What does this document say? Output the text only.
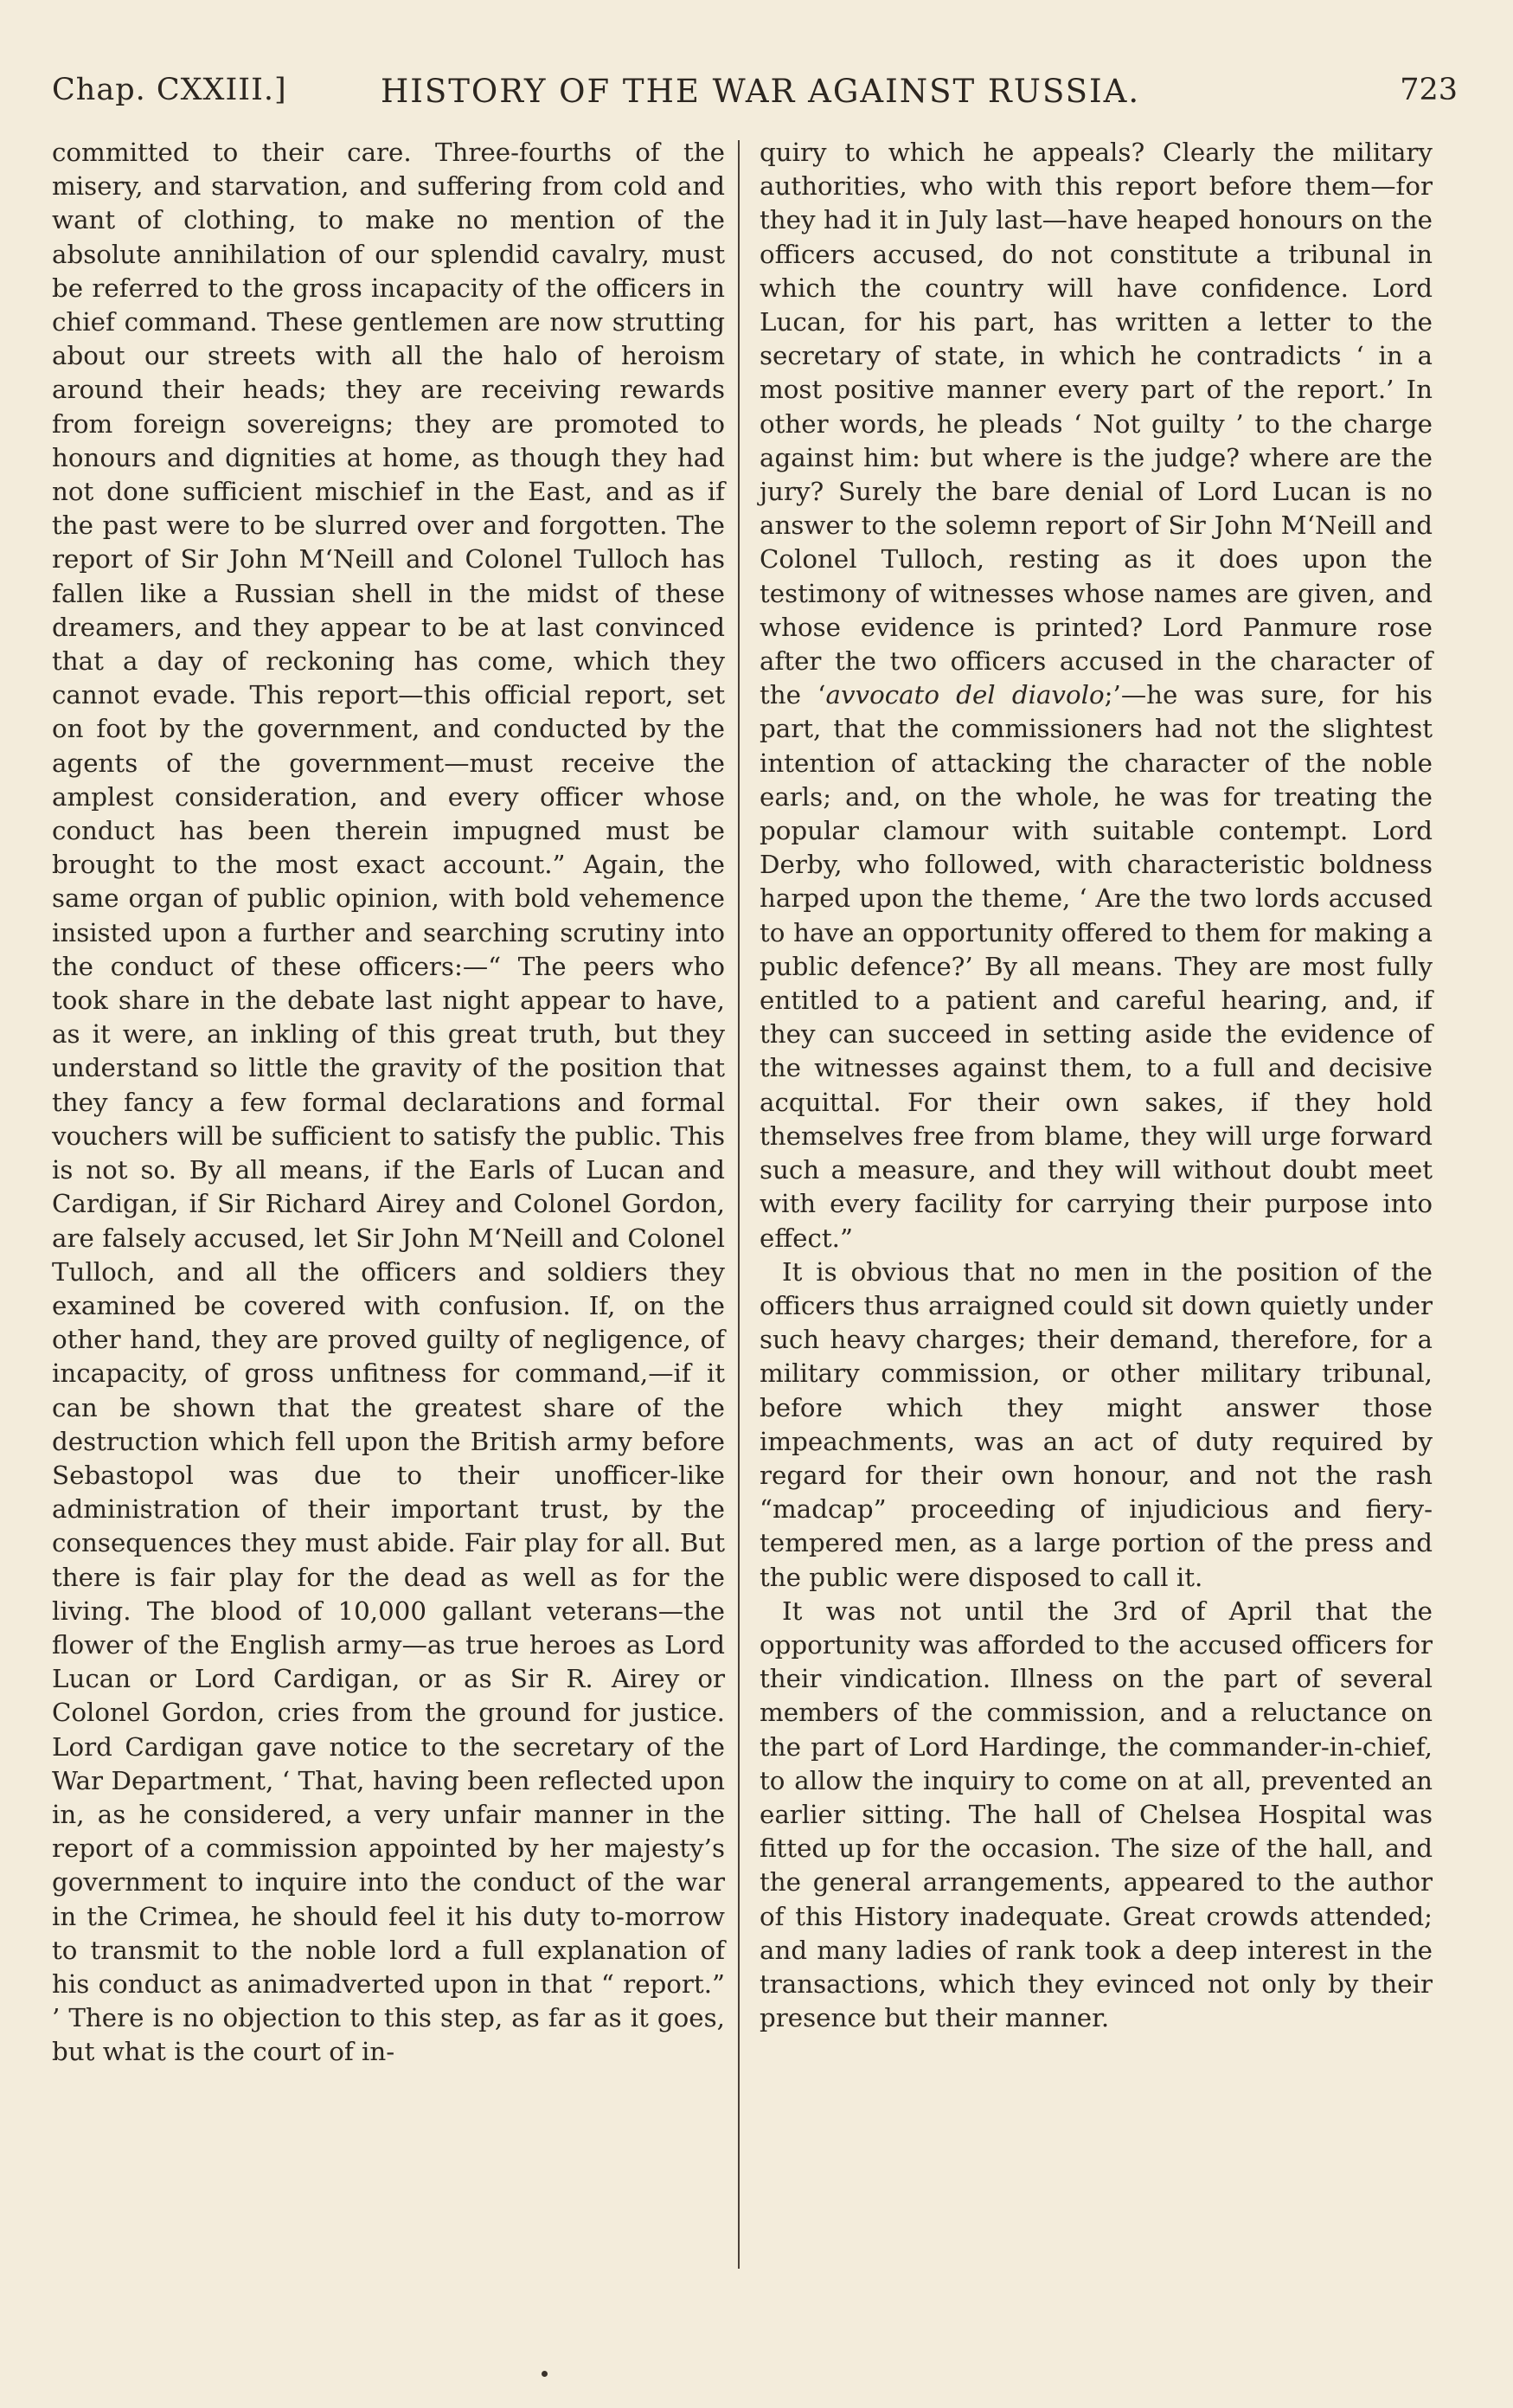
Chap. CXXIII.]	HISTORY OF THE WAR AGAINST RUSSIA.	723

committed to their care. Three-fourths of the misery, and starvation, and suffering from cold and want of clothing, to make no mention of the absolute annihilation of our splendid cavalry, must be referred to the gross incapacity of the officers in chief command. These gentlemen are now strutting about our streets with all the halo of heroism around their heads; they are receiving rewards from foreign sovereigns; they are promoted to honours and dignities at home, as though they had not done sufficient mischief in the East, and as if the past were to be slurred over and forgotten. The report of Sir John M‘Neill and Colonel Tulloch has fallen like a Russian shell in the midst of these dreamers, and they appear to be at last convinced that a day of reckoning has come, which they cannot evade. This report—this official report, set on foot by the government, and conducted by the agents of the government—must receive the amplest consideration, and every officer whose conduct has been therein impugned must be brought to the most exact account.” Again, the same organ of public opinion, with bold vehemence insisted upon a further and searching scrutiny into the conduct of these officers:—“ The peers who took share in the debate last night appear to have, as it were, an inkling of this great truth, but they understand so little the gravity of the position that they fancy a few formal declarations and formal vouchers will be sufficient to satisfy the public. This is not so. By all means, if the Earls of Lucan and Cardigan, if Sir Richard Airey and Colonel Gordon, are falsely accused, let Sir John M‘Neill and Colonel Tulloch, and all the officers and soldiers they examined be covered with confusion. If, on the other hand, they are proved guilty of negligence, of incapacity, of gross unfitness for command,—if it can be shown that the greatest share of the destruction which fell upon the British army before Sebastopol was due to their unofficer-like administration of their important trust, by the consequences they must abide. Fair play for all. But there is fair play for the dead as well as for the living. The blood of 10,000 gallant veterans—the flower of the English army—as true heroes as Lord Lucan or Lord Cardigan, or as Sir R. Airey or Colonel Gordon, cries from the ground for justice. Lord Cardigan gave notice to the secretary of the War Department, ‘ That, having been reflected upon in, as he considered, a very unfair manner in the report of a commission appointed by her majesty’s government to inquire into the conduct of the war in the Crimea, he should feel it his duty to-morrow to transmit to the noble lord a full explanation of his conduct as animadverted upon in that “ report.” ’ There is no objection to this step, as far as it goes, but what is the court of in-

quiry to which he appeals? Clearly the military authorities, who with this report before them—for they had it in July last—have heaped honours on the officers accused, do not constitute a tribunal in which the country will have confidence. Lord Lucan, for his part, has written a letter to the secretary of state, in which he contradicts ‘ in a most positive manner every part of the report.’ In other words, he pleads ‘ Not guilty ’ to the charge against him: but where is the judge? where are the jury? Surely the bare denial of Lord Lucan is no answer to the solemn report of Sir John M‘Neill and Colonel Tulloch, resting as it does upon the testimony of witnesses whose names are given, and whose evidence is printed? Lord Panmure rose after the two officers accused in the character of the ‘avvocato del diavolo;’—he was sure, for his part, that the commissioners had not the slightest intention of attacking the character of the noble earls; and, on the whole, he was for treating the popular clamour with suitable contempt. Lord Derby, who followed, with characteristic boldness harped upon the theme, ‘ Are the two lords accused to have an opportunity offered to them for making a public defence?’ By all means. They are most fully entitled to a patient and careful hearing, and, if they can succeed in setting aside the evidence of the witnesses against them, to a full and decisive acquittal. For their own sakes, if they hold themselves free from blame, they will urge forward such a measure, and they will without doubt meet with every facility for carrying their purpose into effect.”

It is obvious that no men in the position of the officers thus arraigned could sit down quietly under such heavy charges; their demand, therefore, for a military commission, or other military tribunal, before which they might answer those impeachments, was an act of duty required by regard for their own honour, and not the rash “madcap” proceeding of injudicious and fiery-tempered men, as a large portion of the press and the public were disposed to call it.

It was not until the 3rd of April that the opportunity was afforded to the accused officers for their vindication. Illness on the part of several members of the commission, and a reluctance on the part of Lord Hardinge, the commander-in-chief, to allow the inquiry to come on at all, prevented an earlier sitting. The hall of Chelsea Hospital was fitted up for the occasion. The size of the hall, and the general arrangements, appeared to the author of this History inadequate. Great crowds attended; and many ladies of rank took a deep interest in the transactions, which they evinced not only by their presence but their manner.
